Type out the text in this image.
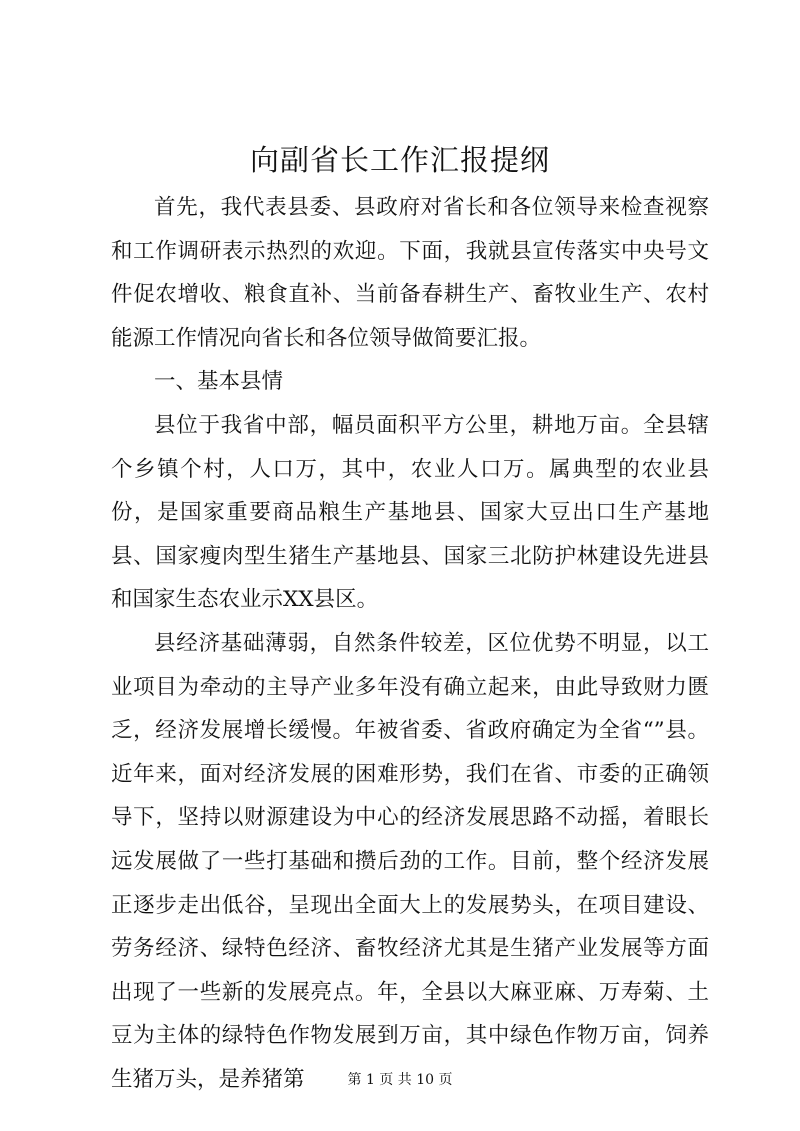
向副省长工作汇报提纲

首先，我代表县委、县政府对省长和各位领导来检查视察和工作调研表示热烈的欢迎。下面，我就县宣传落实中央号文件促农增收、粮食直补、当前备春耕生产、畜牧业生产、农村能源工作情况向省长和各位领导做简要汇报。

一、基本县情

县位于我省中部，幅员面积平方公里，耕地万亩。全县辖个乡镇个村，人口万，其中，农业人口万。属典型的农业县份，是国家重要商品粮生产基地县、国家大豆出口生产基地县、国家瘦肉型生猪生产基地县、国家三北防护林建设先进县和国家生态农业示XX县区。

县经济基础薄弱，自然条件较差，区位优势不明显，以工业项目为牵动的主导产业多年没有确立起来，由此导致财力匮乏，经济发展增长缓慢。年被省委、省政府确定为全省“”县。近年来，面对经济发展的困难形势，我们在省、市委的正确领导下，坚持以财源建设为中心的经济发展思路不动摇，着眼长远发展做了一些打基础和攒后劲的工作。目前，整个经济发展正逐步走出低谷，呈现出全面大上的发展势头，在项目建设、劳务经济、绿特色经济、畜牧经济尤其是生猪产业发展等方面出现了一些新的发展亮点。年，全县以大麻亚麻、万寿菊、土豆为主体的绿特色作物发展到万亩，其中绿色作物万亩，饲养生猪万头，是养猪第	第 1 页 共 10 页
